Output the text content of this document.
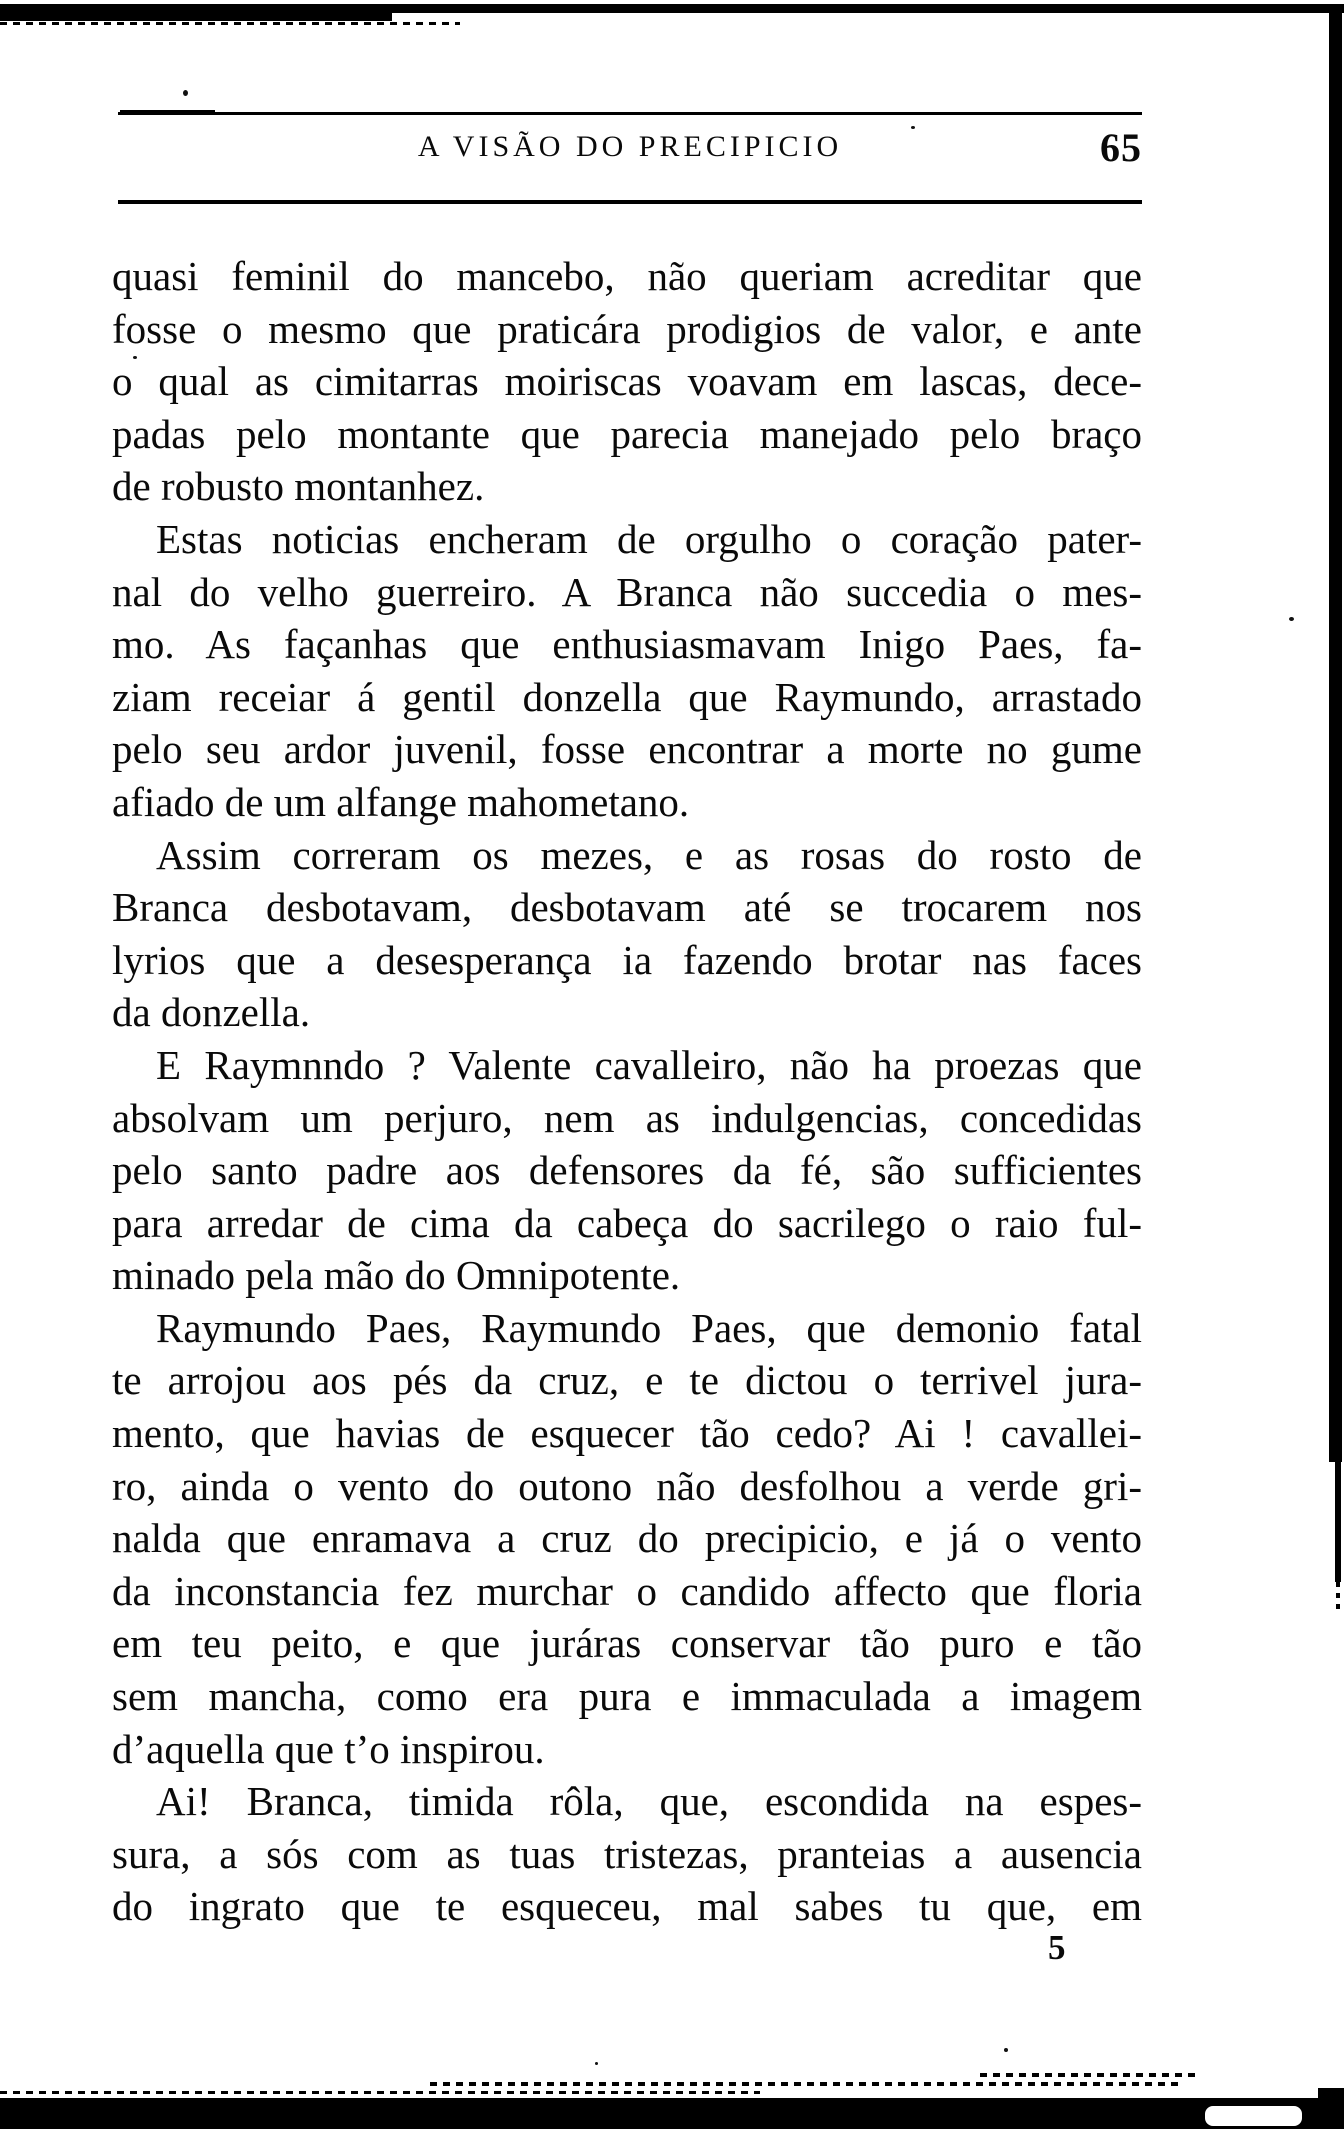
A VISÃO DO PRECIPICIO	65
quasi feminil do mancebo, não queriam acreditar que
fosse o mesmo que praticára prodigios de valor, e ante
o qual as cimitarras moiriscas voavam em lascas, dece-
padas pelo montante que parecia manejado pelo braço
de robusto montanhez.
Estas noticias encheram de orgulho o coração pater-
nal do velho guerreiro. A Branca não succedia o mes-
mo. As façanhas que enthusiasmavam Inigo Paes, fa-
ziam receiar á gentil donzella que Raymundo, arrastado
pelo seu ardor juvenil, fosse encontrar a morte no gume
afiado de um alfange mahometano.
Assim correram os mezes, e as rosas do rosto de
Branca desbotavam, desbotavam até se trocarem nos
lyrios que a desesperança ia fazendo brotar nas faces
da donzella.
E Raymnndo ? Valente cavalleiro, não ha proezas que
absolvam um perjuro, nem as indulgencias, concedidas
pelo santo padre aos defensores da fé, são sufficientes
para arredar de cima da cabeça do sacrilego o raio ful-
minado pela mão do Omnipotente.
Raymundo Paes, Raymundo Paes, que demonio fatal
te arrojou aos pés da cruz, e te dictou o terrivel jura-
mento, que havias de esquecer tão cedo? Ai ! cavallei-
ro, ainda o vento do outono não desfolhou a verde gri-
nalda que enramava a cruz do precipicio, e já o vento
da inconstancia fez murchar o candido affecto que floria
em teu peito, e que juráras conservar tão puro e tão
sem mancha, como era pura e immaculada a imagem
d’aquella que t’o inspirou.
Ai! Branca, timida rôla, que, escondida na espes-
sura, a sós com as tuas tristezas, pranteias a ausencia
do ingrato que te esqueceu, mal sabes tu que, em
5
